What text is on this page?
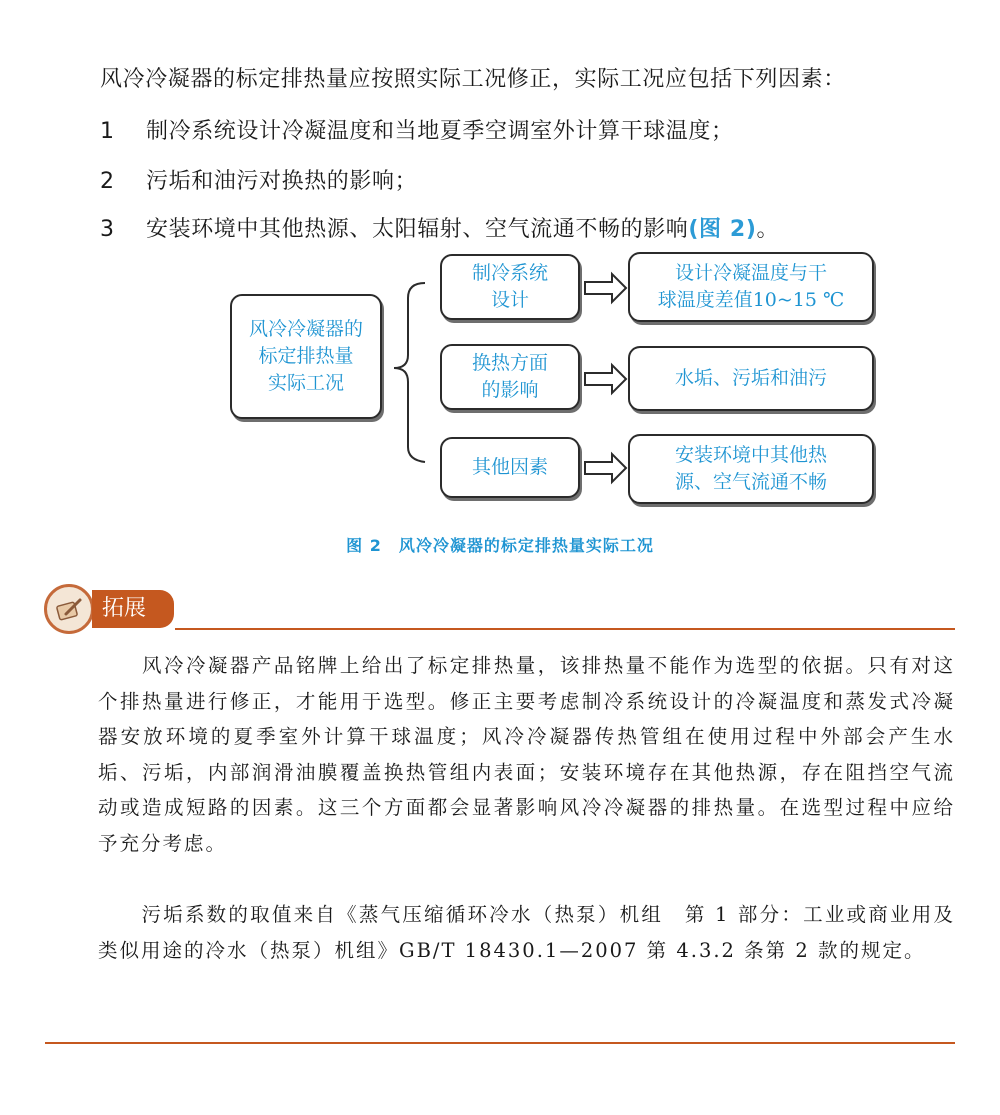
风冷冷凝器的标定排热量应按照实际工况修正，实际工况应包括下列因素：
1 制冷系统设计冷凝温度和当地夏季空调室外计算干球温度；
2 污垢和油污对换热的影响；
3 安装环境中其他热源、太阳辐射、空气流通不畅的影响(图 2)。
风冷冷凝器的
标定排热量
实际工况
制冷系统
设计
换热方面
的影响
其他因素
设计冷凝温度与干
球温度差值10~15 ℃
水垢、污垢和油污
安装环境中其他热
源、空气流通不畅
图 2　风冷冷凝器的标定排热量实际工况
拓展
　　风冷冷凝器产品铭牌上给出了标定排热量，该排热量不能作为选型的依据。只有对这个排热量进行修正，才能用于选型。修正主要考虑制冷系统设计的冷凝温度和蒸发式冷凝器安放环境的夏季室外计算干球温度；风冷冷凝器传热管组在使用过程中外部会产生水垢、污垢，内部润滑油膜覆盖换热管组内表面；安装环境存在其他热源，存在阻挡空气流动或造成短路的因素。这三个方面都会显著影响风冷冷凝器的排热量。在选型过程中应给予充分考虑。
　　污垢系数的取值来自《蒸气压缩循环冷水（热泵）机组　第 1 部分：工业或商业用及类似用途的冷水（热泵）机组》GB/T 18430.1—2007 第 4.3.2 条第 2 款的规定。
